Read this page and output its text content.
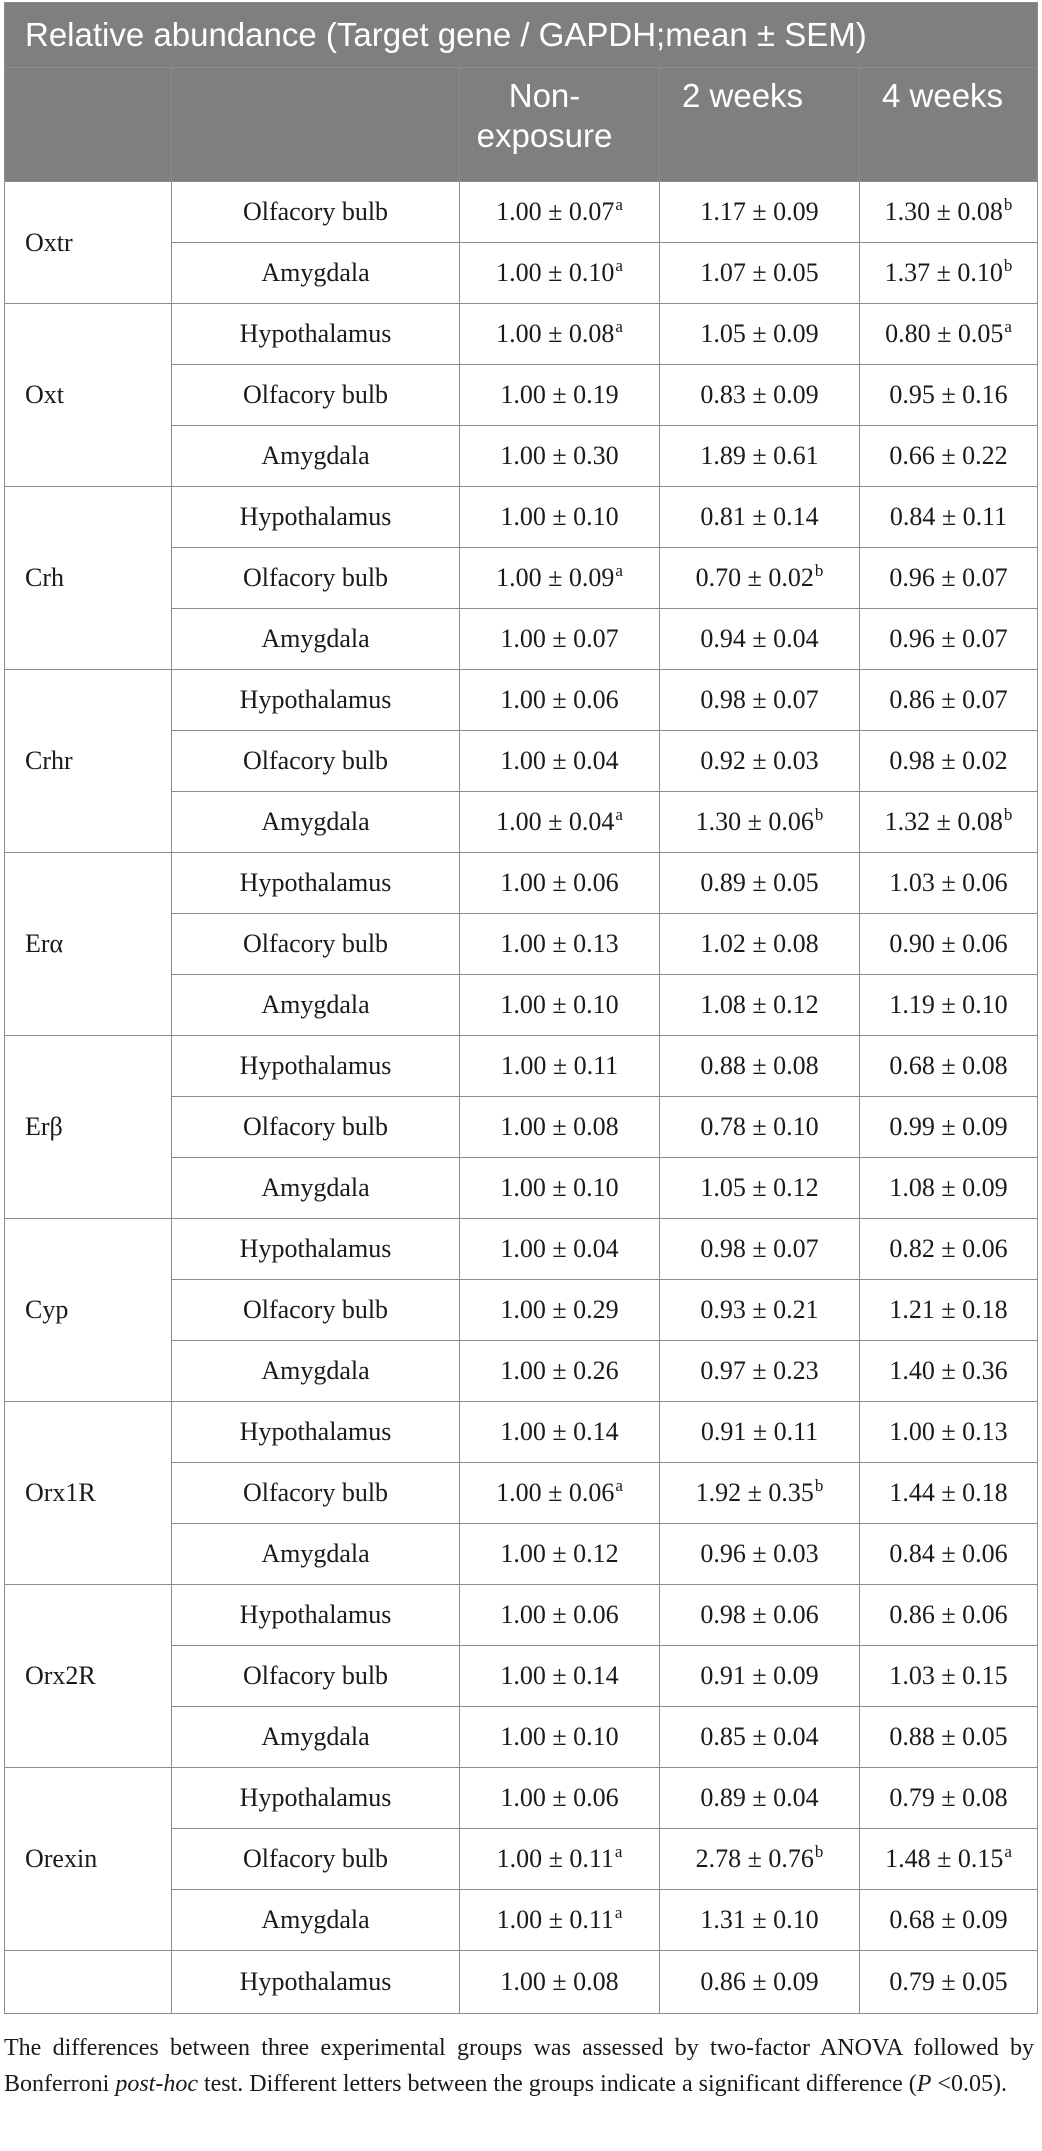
Relative abundance (Target gene / GAPDH;mean ± SEM)				
		Non-exposure	2 weeks	4 weeks
Oxtr	Olfacory bulb	1.00 ± 0.07$^a$	1.17 ± 0.09	1.30 ± 0.08$^b$
	Amygdala	1.00 ± 0.10$^a$	1.07 ± 0.05	1.37 ± 0.10$^b$
Oxt	Hypothalamus	1.00 ± 0.08$^a$	1.05 ± 0.09	0.80 ± 0.05$^a$
	Olfacory bulb	1.00 ± 0.19	0.83 ± 0.09	0.95 ± 0.16
	Amygdala	1.00 ± 0.30	1.89 ± 0.61	0.66 ± 0.22
Crh	Hypothalamus	1.00 ± 0.10	0.81 ± 0.14	0.84 ± 0.11
	Olfacory bulb	1.00 ± 0.09$^a$	0.70 ± 0.02$^b$	0.96 ± 0.07
	Amygdala	1.00 ± 0.07	0.94 ± 0.04	0.96 ± 0.07
Crhr	Hypothalamus	1.00 ± 0.06	0.98 ± 0.07	0.86 ± 0.07
	Olfacory bulb	1.00 ± 0.04	0.92 ± 0.03	0.98 ± 0.02
	Amygdala	1.00 ± 0.04$^a$	1.30 ± 0.06$^b$	1.32 ± 0.08$^b$
Erα	Hypothalamus	1.00 ± 0.06	0.89 ± 0.05	1.03 ± 0.06
	Olfacory bulb	1.00 ± 0.13	1.02 ± 0.08	0.90 ± 0.06
	Amygdala	1.00 ± 0.10	1.08 ± 0.12	1.19 ± 0.10
Erβ	Hypothalamus	1.00 ± 0.11	0.88 ± 0.08	0.68 ± 0.08
	Olfacory bulb	1.00 ± 0.08	0.78 ± 0.10	0.99 ± 0.09
	Amygdala	1.00 ± 0.10	1.05 ± 0.12	1.08 ± 0.09
Cyp	Hypothalamus	1.00 ± 0.04	0.98 ± 0.07	0.82 ± 0.06
	Olfacory bulb	1.00 ± 0.29	0.93 ± 0.21	1.21 ± 0.18
	Amygdala	1.00 ± 0.26	0.97 ± 0.23	1.40 ± 0.36
Orx1R	Hypothalamus	1.00 ± 0.14	0.91 ± 0.11	1.00 ± 0.13
	Olfacory bulb	1.00 ± 0.06$^a$	1.92 ± 0.35$^b$	1.44 ± 0.18
	Amygdala	1.00 ± 0.12	0.96 ± 0.03	0.84 ± 0.06
Orx2R	Hypothalamus	1.00 ± 0.06	0.98 ± 0.06	0.86 ± 0.06
	Olfacory bulb	1.00 ± 0.14	0.91 ± 0.09	1.03 ± 0.15
	Amygdala	1.00 ± 0.10	0.85 ± 0.04	0.88 ± 0.05
Orexin	Hypothalamus	1.00 ± 0.06	0.89 ± 0.04	0.79 ± 0.08
	Olfacory bulb	1.00 ± 0.11$^a$	2.78 ± 0.76$^b$	1.48 ± 0.15$^a$
	Amygdala	1.00 ± 0.11$^a$	1.31 ± 0.10	0.68 ± 0.09
	Hypothalamus	1.00 ± 0.08	0.86 ± 0.09	0.79 ± 0.05
The differences between three experimental groups was assessed by two-factor ANOVA followed by Bonferroni post-hoc test. Different letters between the groups indicate a significant difference (P <0.05).
